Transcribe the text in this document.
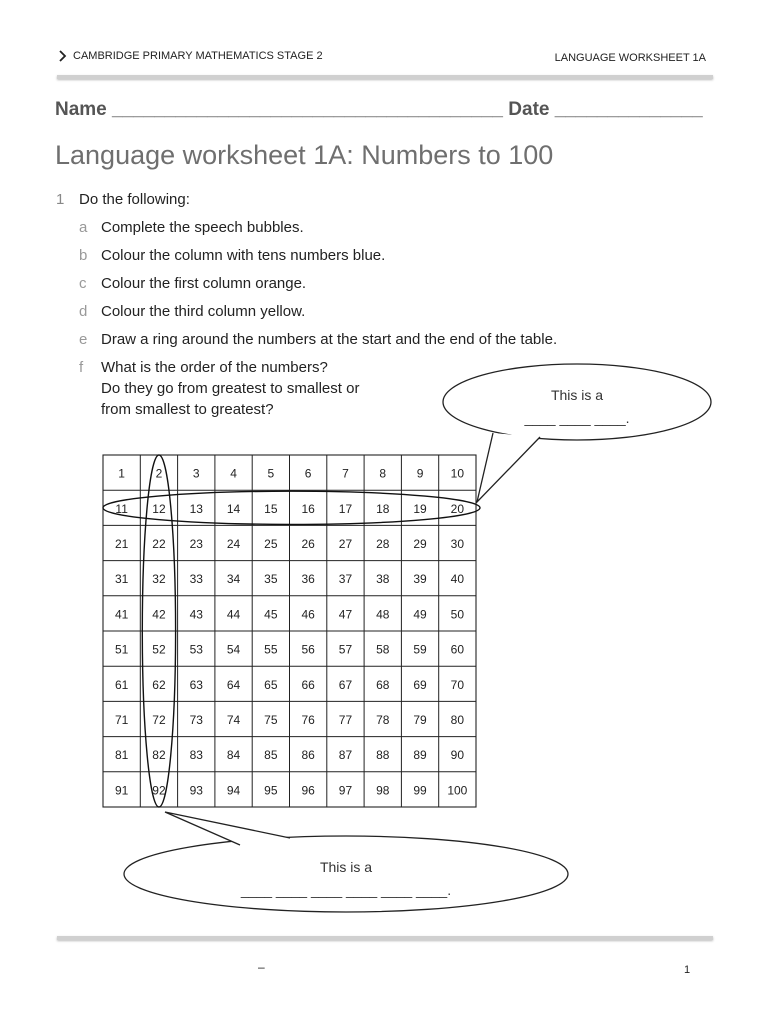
CAMBRIDGE PRIMARY MATHEMATICS STAGE 2	LANGUAGE WORKSHEET 1A
Name _____________________________________ Date ______________
Language worksheet 1A: Numbers to 100
1 Do the following:
a Complete the speech bubbles.
b Colour the column with tens numbers blue.
c Colour the first column orange.
d Colour the third column yellow.
e Draw a ring around the numbers at the start and the end of the table.
f What is the order of the numbers?
Do they go from greatest to smallest or
from smallest to greatest?
1	2	3	4	5	6	7	8	9 10
11 12 13 14 15 16 17 18 19 20
21 22 23 24 25 26 27 28 29 30
31 32 33 34 35 36 37 38 39 40
41 42 43 44 45 46 47 48 49 50
51 52 53 54 55 56 57 58 59 60
61 62 63 64 65 66 67 68 69 70
71 72 73 74 75 76 77 78 79 80
81 82 83 84 85 86 87 88 89 90
91 92 93 94 95 96 97 98 99 100
This is a
____ ____ ____.
This is a
____ ____ ____ ____ ____ ____.
–	1
